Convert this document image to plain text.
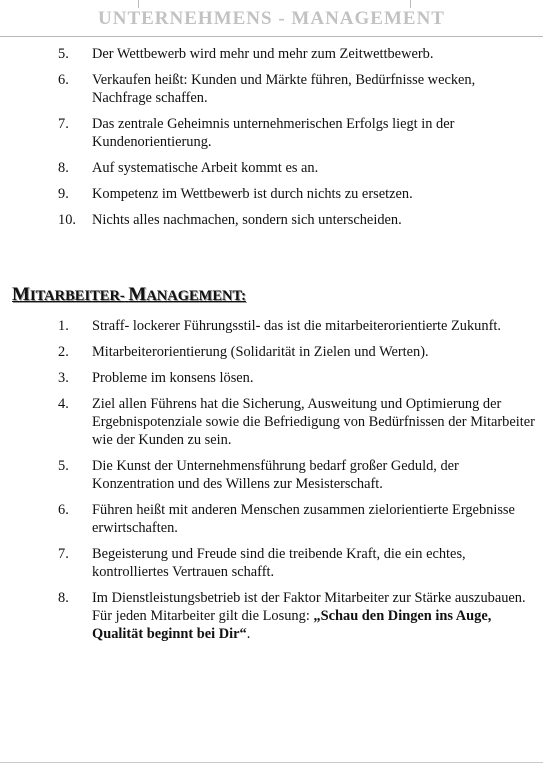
UNTERNEHMENS - MANAGEMENT
5.	Der Wettbewerb wird mehr und mehr zum Zeitwettbewerb.
6.	Verkaufen heißt: Kunden und Märkte führen, Bedürfnisse wecken, Nachfrage schaffen.
7.	Das zentrale Geheimnis unternehmerischen Erfolgs liegt in der Kundenorientierung.
8.	Auf systematische Arbeit kommt es an.
9.	Kompetenz im Wettbewerb ist durch nichts zu ersetzen.
10.	Nichts alles nachmachen, sondern sich unterscheiden.
MITARBEITER- MANAGEMENT:
1.	Straff- lockerer Führungsstil- das ist die mitarbeiterorientierte Zukunft.
2.	Mitarbeiterorientierung (Solidarität in Zielen und Werten).
3.	Probleme im konsens lösen.
4.	Ziel allen Führens hat die Sicherung, Ausweitung und Optimierung der Ergebnispotenziale sowie die Befriedigung von Bedürfnissen der Mitarbeiter wie der Kunden zu sein.
5.	Die Kunst der Unternehmensführung bedarf großer Geduld, der Konzentration und des Willens zur Mesisterschaft.
6.	Führen heißt mit anderen Menschen zusammen zielorientierte Ergebnisse erwirtschaften.
7.	Begeisterung und Freude sind die treibende Kraft, die ein echtes, kontrolliertes Vertrauen schafft.
8.	Im Dienstleistungsbetrieb ist der Faktor Mitarbeiter zur Stärke auszubauen. Für jeden Mitarbeiter gilt die Losung: „Schau den Dingen ins Auge, Qualität beginnt bei Dir“.
